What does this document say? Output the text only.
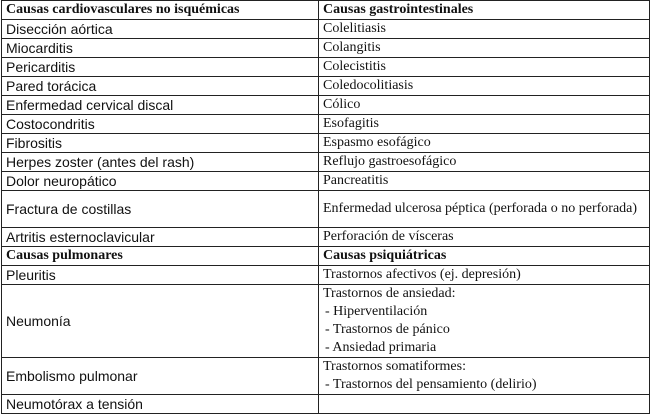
Causas cardiovasculares no isquémicas	Causas gastrointestinales
Disección aórtica	Colelitiasis
Miocarditis	Colangitis
Pericarditis	Colecistitis
Pared torácica	Coledocolitiasis
Enfermedad cervical discal	Cólico
Costocondritis	Esofagitis
Fibrositis	Espasmo esofágico
Herpes zoster (antes del rash)	Reflujo gastroesofágico
Dolor neuropático	Pancreatitis
Fractura de costillas	Enfermedad ulcerosa péptica (perforada o no perforada)
Artritis esternoclavicular	Perforación de vísceras
Causas pulmonares	Causas psiquiátricas
Pleuritis	Trastornos afectivos (ej. depresión)
Neumonía	Trastornos de ansiedad:
- Hiperventilación
- Trastornos de pánico
- Ansiedad primaria

Embolismo pulmonar	Trastornos somatiformes:
- Trastornos del pensamiento (delirio)

Neumotórax a tensión	
